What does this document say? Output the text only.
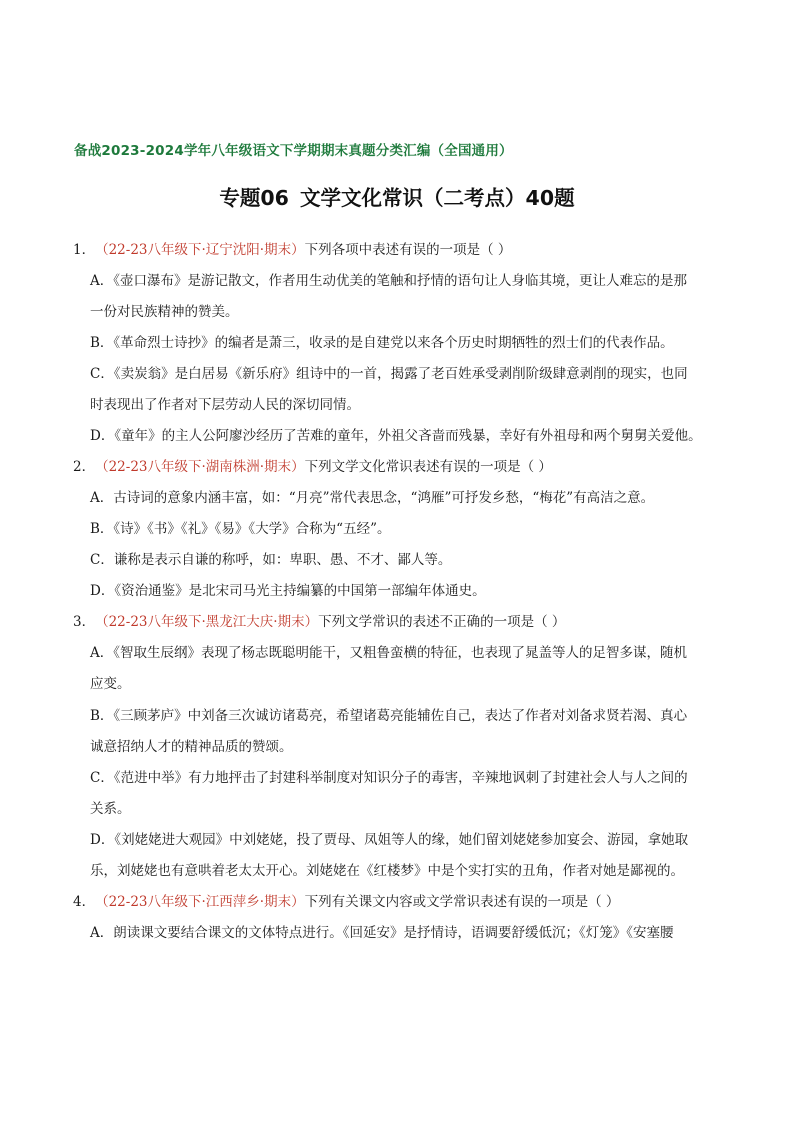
备战2023-2024学年八年级语文下学期期末真题分类汇编（全国通用）
专题06 文学文化常识（二考点）40题
1．（22-23八年级下·辽宁沈阳·期末）下列各项中表述有误的一项是（ ）
A．《壶口瀑布》是游记散文，作者用生动优美的笔触和抒情的语句让人身临其境，更让人难忘的是那
一份对民族精神的赞美。
B．《革命烈士诗抄》的编者是萧三，收录的是自建党以来各个历史时期牺牲的烈士们的代表作品。
C．《卖炭翁》是白居易《新乐府》组诗中的一首，揭露了老百姓承受剥削阶级肆意剥削的现实，也同
时表现出了作者对下层劳动人民的深切同情。
D．《童年》的主人公阿廖沙经历了苦难的童年，外祖父吝啬而残暴，幸好有外祖母和两个舅舅关爱他。
2．（22-23八年级下·湖南株洲·期末）下列文学文化常识表述有误的一项是（ ）
A．古诗词的意象内涵丰富，如：“月亮”常代表思念，“鸿雁”可抒发乡愁，“梅花”有高洁之意。
B．《诗》《书》《礼》《易》《大学》合称为“五经”。
C．谦称是表示自谦的称呼，如：卑职、愚、不才、鄙人等。
D．《资治通鉴》是北宋司马光主持编纂的中国第一部编年体通史。
3．（22-23八年级下·黑龙江大庆·期末）下列文学常识的表述不正确的一项是（ ）
A．《智取生辰纲》表现了杨志既聪明能干，又粗鲁蛮横的特征，也表现了晁盖等人的足智多谋，随机
应变。
B．《三顾茅庐》中刘备三次诚访诸葛亮，希望诸葛亮能辅佐自己，表达了作者对刘备求贤若渴、真心
诚意招纳人才的精神品质的赞颂。
C．《范进中举》有力地抨击了封建科举制度对知识分子的毒害，辛辣地讽刺了封建社会人与人之间的
关系。
D．《刘姥姥进大观园》中刘姥姥，投了贾母、凤姐等人的缘，她们留刘姥姥参加宴会、游园，拿她取
乐，刘姥姥也有意哄着老太太开心。刘姥姥在《红楼梦》中是个实打实的丑角，作者对她是鄙视的。
4．（22-23八年级下·江西萍乡·期末）下列有关课文内容或文学常识表述有误的一项是（ ）
A．朗读课文要结合课文的文体特点进行。《回延安》是抒情诗，语调要舒缓低沉；《灯笼》《安塞腰
